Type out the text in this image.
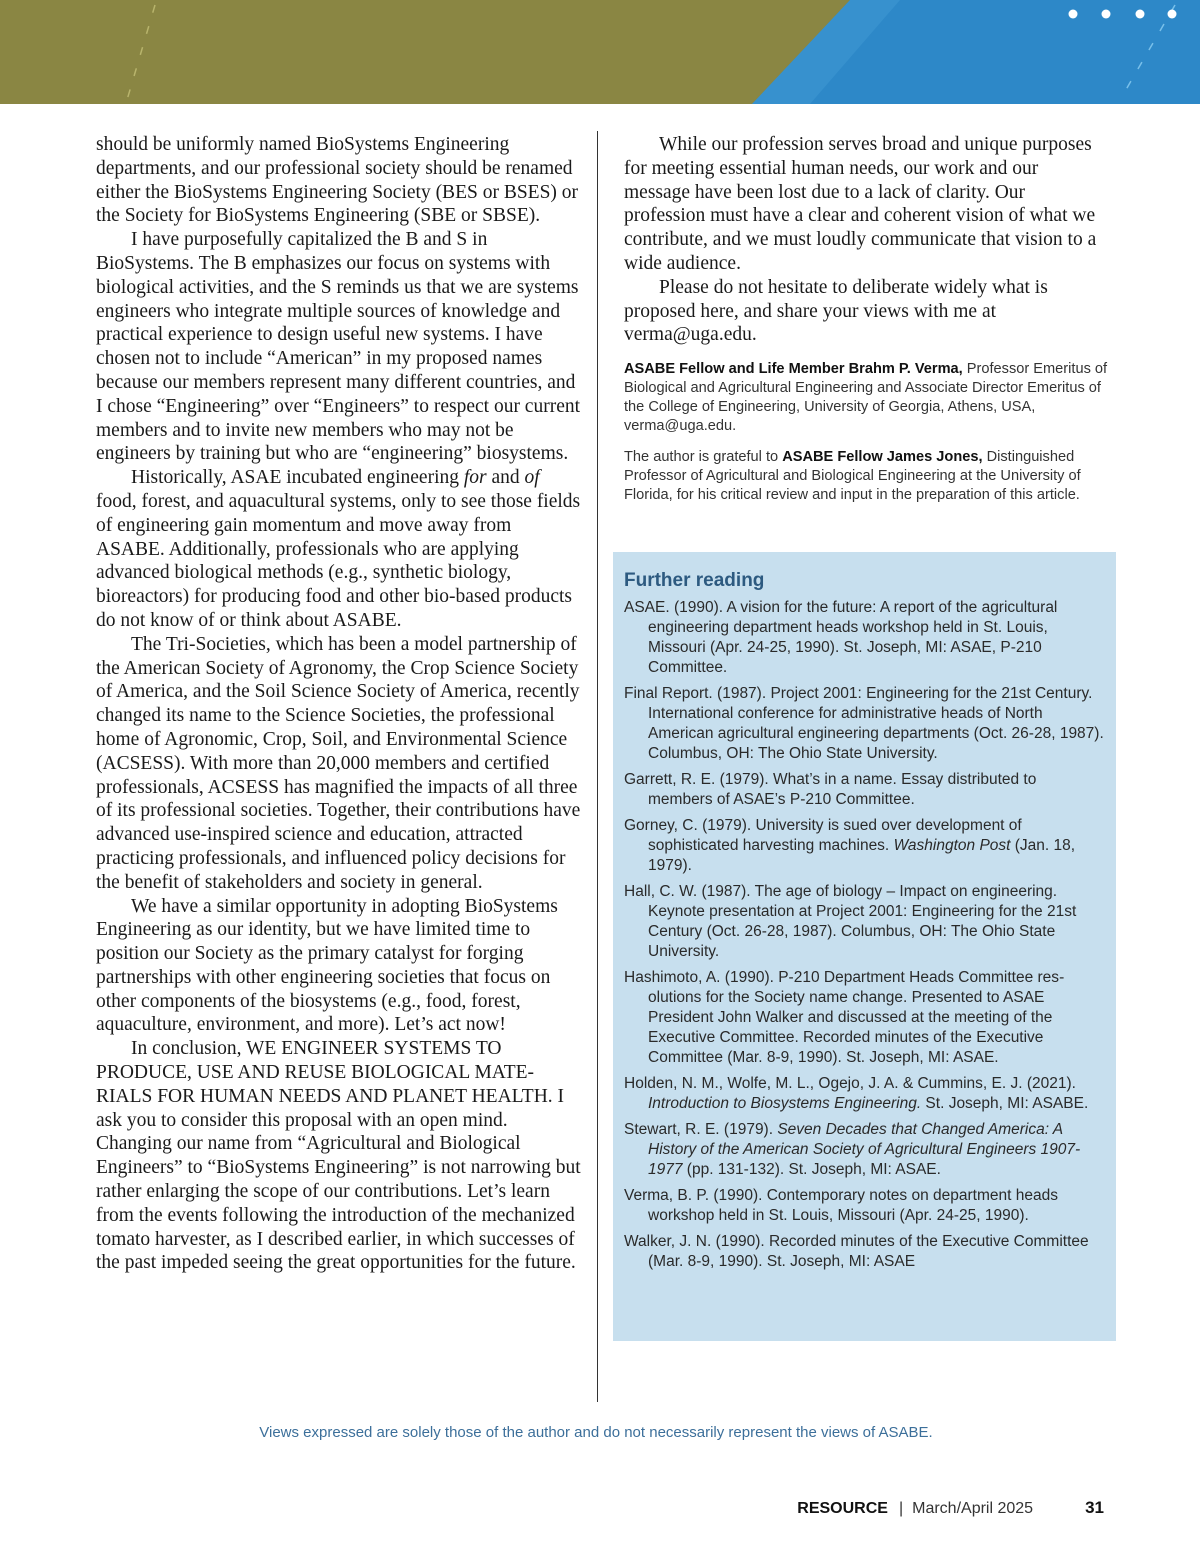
should be uniformly named BioSystems Engineering departments, and our professional society should be renamed either the BioSystems Engineering Society (BES or BSES) or the Society for BioSystems Engineering (SBE or SBSE).

I have purposefully capitalized the B and S in BioSystems. The B emphasizes our focus on systems with biological activities, and the S reminds us that we are systems engineers who integrate multiple sources of knowledge and practical experience to design useful new systems. I have chosen not to include “American” in my proposed names because our members represent many different countries, and I chose “Engineering” over “Engineers” to respect our current members and to invite new members who may not be engineers by training but who are “engineering” biosystems.

Historically, ASAE incubated engineering for and of food, forest, and aquacultural systems, only to see those fields of engineering gain momentum and move away from ASABE. Additionally, professionals who are applying advanced biological methods (e.g., synthetic biology, bioreactors) for producing food and other bio-based products do not know of or think about ASABE.

The Tri-Societies, which has been a model partnership of the American Society of Agronomy, the Crop Science Society of America, and the Soil Science Society of America, recently changed its name to the Science Societies, the professional home of Agronomic, Crop, Soil, and Environmental Science (ACSESS). With more than 20,000 members and certified professionals, ACSESS has magnified the impacts of all three of its professional societies. Together, their contributions have advanced use-inspired science and education, attracted practicing professionals, and influenced policy decisions for the benefit of stakeholders and society in general.

We have a similar opportunity in adopting BioSystems Engineering as our identity, but we have limited time to position our Society as the primary catalyst for forging partnerships with other engineering societies that focus on other components of the biosystems (e.g., food, forest, aquaculture, environment, and more). Let’s act now!

In conclusion, WE ENGINEER SYSTEMS TO PRODUCE, USE AND REUSE BIOLOGICAL MATERIALS FOR HUMAN NEEDS AND PLANET HEALTH. I ask you to consider this proposal with an open mind. Changing our name from “Agricultural and Biological Engineers” to “BioSystems Engineering” is not narrowing but rather enlarging the scope of our contributions. Let’s learn from the events following the introduction of the mechanized tomato harvester, as I described earlier, in which successes of the past impeded seeing the great opportunities for the future.

While our profession serves broad and unique purposes for meeting essential human needs, our work and our message have been lost due to a lack of clarity. Our profession must have a clear and coherent vision of what we contribute, and we must loudly communicate that vision to a wide audience.

Please do not hesitate to deliberate widely what is proposed here, and share your views with me at verma@uga.edu.

ASABE Fellow and Life Member Brahm P. Verma, Professor Emeritus of Biological and Agricultural Engineering and Associate Director Emeritus of the College of Engineering, University of Georgia, Athens, USA, verma@uga.edu.

The author is grateful to ASABE Fellow James Jones, Distinguished Professor of Agricultural and Biological Engineering at the University of Florida, for his critical review and input in the preparation of this article.

Further reading

ASAE. (1990). A vision for the future: A report of the agricultural engineering department heads workshop held in St. Louis, Missouri (Apr. 24-25, 1990). St. Joseph, MI: ASAE, P-210 Committee.

Final Report. (1987). Project 2001: Engineering for the 21st Century. International conference for administrative heads of North American agricultural engineering departments (Oct. 26-28, 1987). Columbus, OH: The Ohio State University.

Garrett, R. E. (1979). What’s in a name. Essay distributed to members of ASAE’s P-210 Committee.

Gorney, C. (1979). University is sued over development of sophisticated harvesting machines. Washington Post (Jan. 18, 1979).

Hall, C. W. (1987). The age of biology – Impact on engineering. Keynote presentation at Project 2001: Engineering for the 21st Century (Oct. 26-28, 1987). Columbus, OH: The Ohio State University.

Hashimoto, A. (1990). P-210 Department Heads Committee resolutions for the Society name change. Presented to ASAE President John Walker and discussed at the meeting of the Executive Committee. Recorded minutes of the Executive Committee (Mar. 8-9, 1990). St. Joseph, MI: ASAE.

Holden, N. M., Wolfe, M. L., Ogejo, J. A. & Cummins, E. J. (2021). Introduction to Biosystems Engineering. St. Joseph, MI: ASABE.

Stewart, R. E. (1979). Seven Decades that Changed America: A History of the American Society of Agricultural Engineers 1907-1977 (pp. 131-132). St. Joseph, MI: ASAE.

Verma, B. P. (1990). Contemporary notes on department heads workshop held in St. Louis, Missouri (Apr. 24-25, 1990).

Walker, J. N. (1990). Recorded minutes of the Executive Committee (Mar. 8-9, 1990). St. Joseph, MI: ASAE

Views expressed are solely those of the author and do not necessarily represent the views of ASABE.
RESOURCE | March/April 2025	31
